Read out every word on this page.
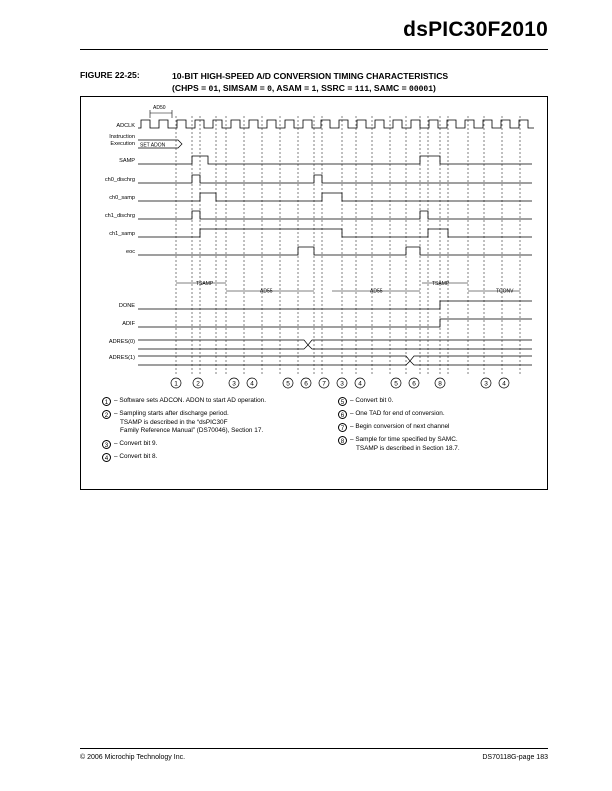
dsPIC30F2010
FIGURE 22-25:	10-BIT HIGH-SPEED A/D CONVERSION TIMING CHARACTERISTICS
(CHPS = 01, SIMSAM = 0, ASAM = 1, SSRC = 111, SAMC = 00001)
ADCLK
Instruction
Execution
SAMP
ch0_dischrg
ch0_samp
ch1_dischrg
ch1_samp
eoc
DONE
ADIF
ADRES(0)
ADRES(1)
AD50
SET ADON
TSAMP
AD55	AD55
TSAMP
TCONV
1	2	3 4	5 6 7 3 4	5 6	8	3 4
1 – Software sets ADCON. ADON to start AD operation.
2 – Sampling starts after discharge period.
TSAMP is described in the “dsPIC30F
Family Reference Manual” (DS70046), Section 17.
3 – Convert bit 9.
4 – Convert bit 8.
5 – Convert bit 0.
6 – One TAD for end of conversion.
7 – Begin conversion of next channel
8 – Sample for time specified by SAMC.
TSAMP is described in Section 18.7.
© 2006 Microchip Technology Inc.	DS70118G-page 183
